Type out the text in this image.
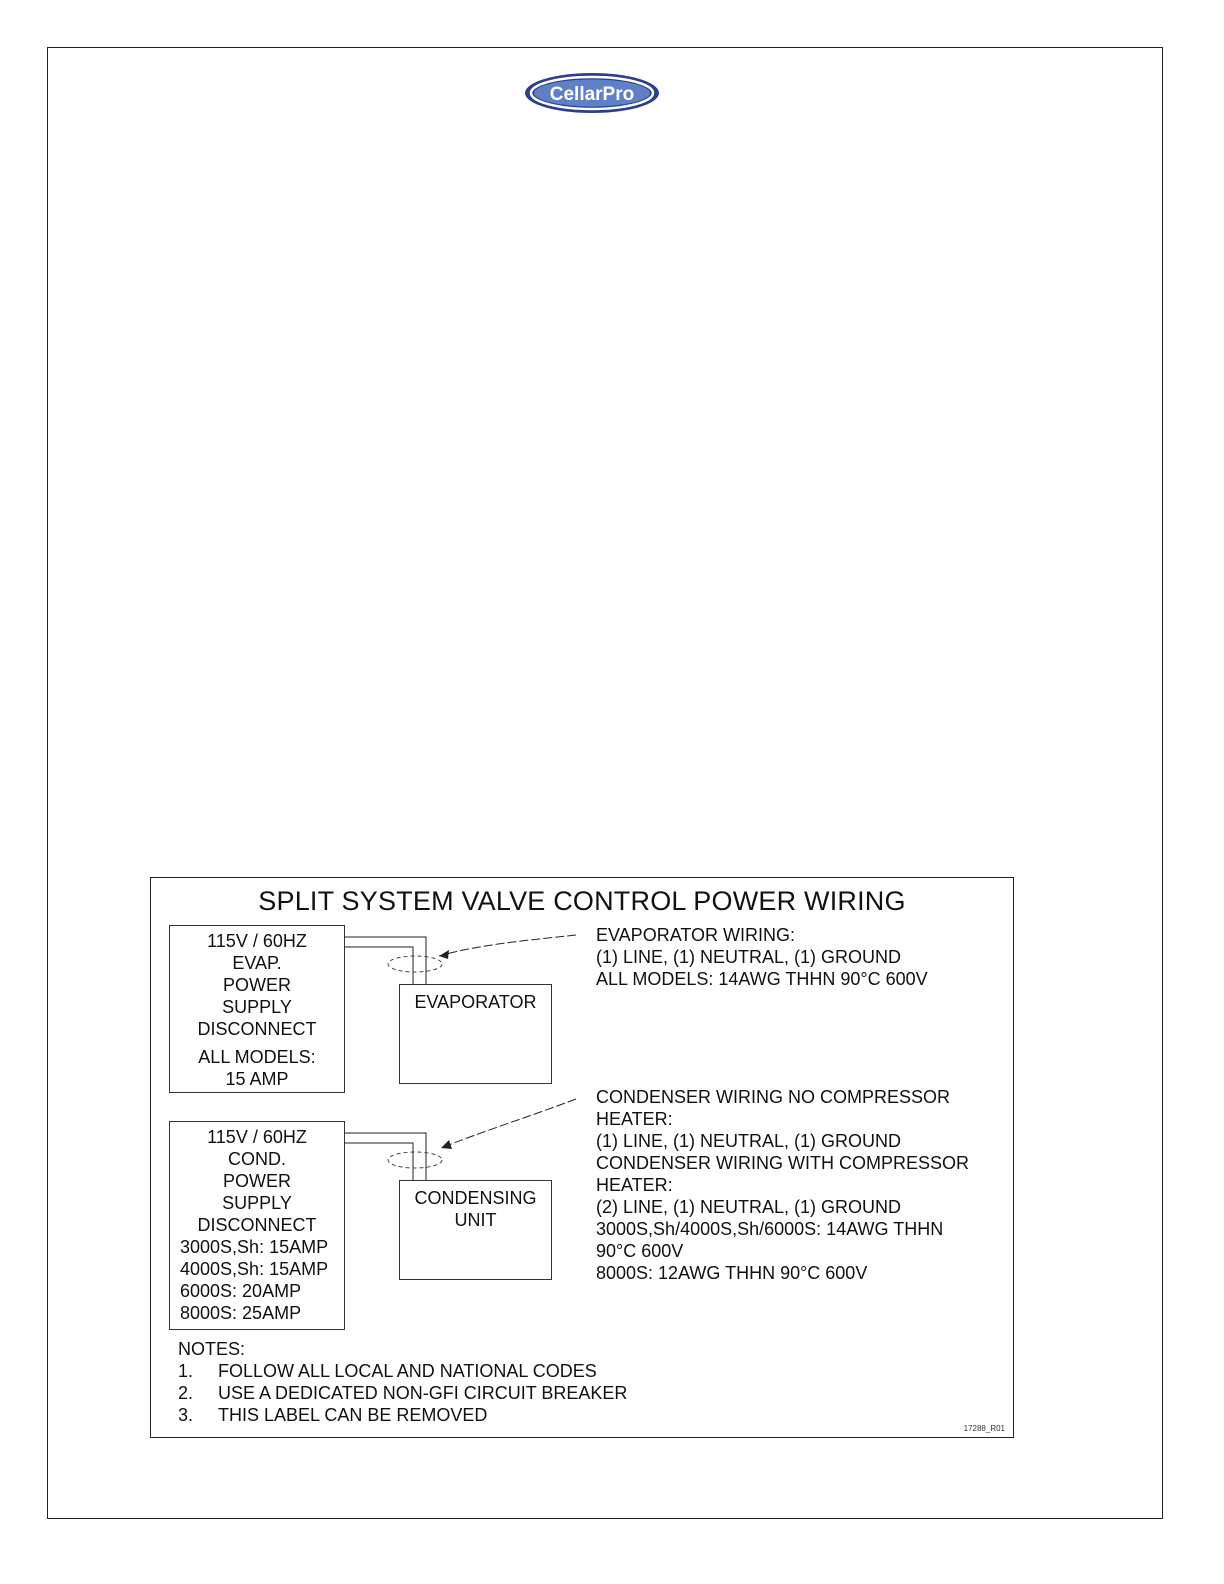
CellarPro
SPLIT SYSTEM VALVE CONTROL POWER WIRING
115V / 60HZ
EVAP.
POWER
SUPPLY
DISCONNECT
ALL MODELS:
15 AMP
EVAPORATOR
EVAPORATOR WIRING:
(1) LINE, (1) NEUTRAL, (1) GROUND
ALL MODELS: 14AWG THHN 90°C 600V
115V / 60HZ
COND.
POWER
SUPPLY
DISCONNECT
3000S,Sh: 15AMP
4000S,Sh: 15AMP
6000S: 20AMP
8000S: 25AMP
CONDENSING
UNIT
CONDENSER WIRING NO COMPRESSOR
HEATER:
(1) LINE, (1) NEUTRAL, (1) GROUND
CONDENSER WIRING WITH COMPRESSOR
HEATER:
(2) LINE, (1) NEUTRAL, (1) GROUND
3000S,Sh/4000S,Sh/6000S: 14AWG THHN
90°C 600V
8000S: 12AWG THHN 90°C 600V
NOTES:
1.	FOLLOW ALL LOCAL AND NATIONAL CODES
2.	USE A DEDICATED NON-GFI CIRCUIT BREAKER
3.	THIS LABEL CAN BE REMOVED
17288_R01
